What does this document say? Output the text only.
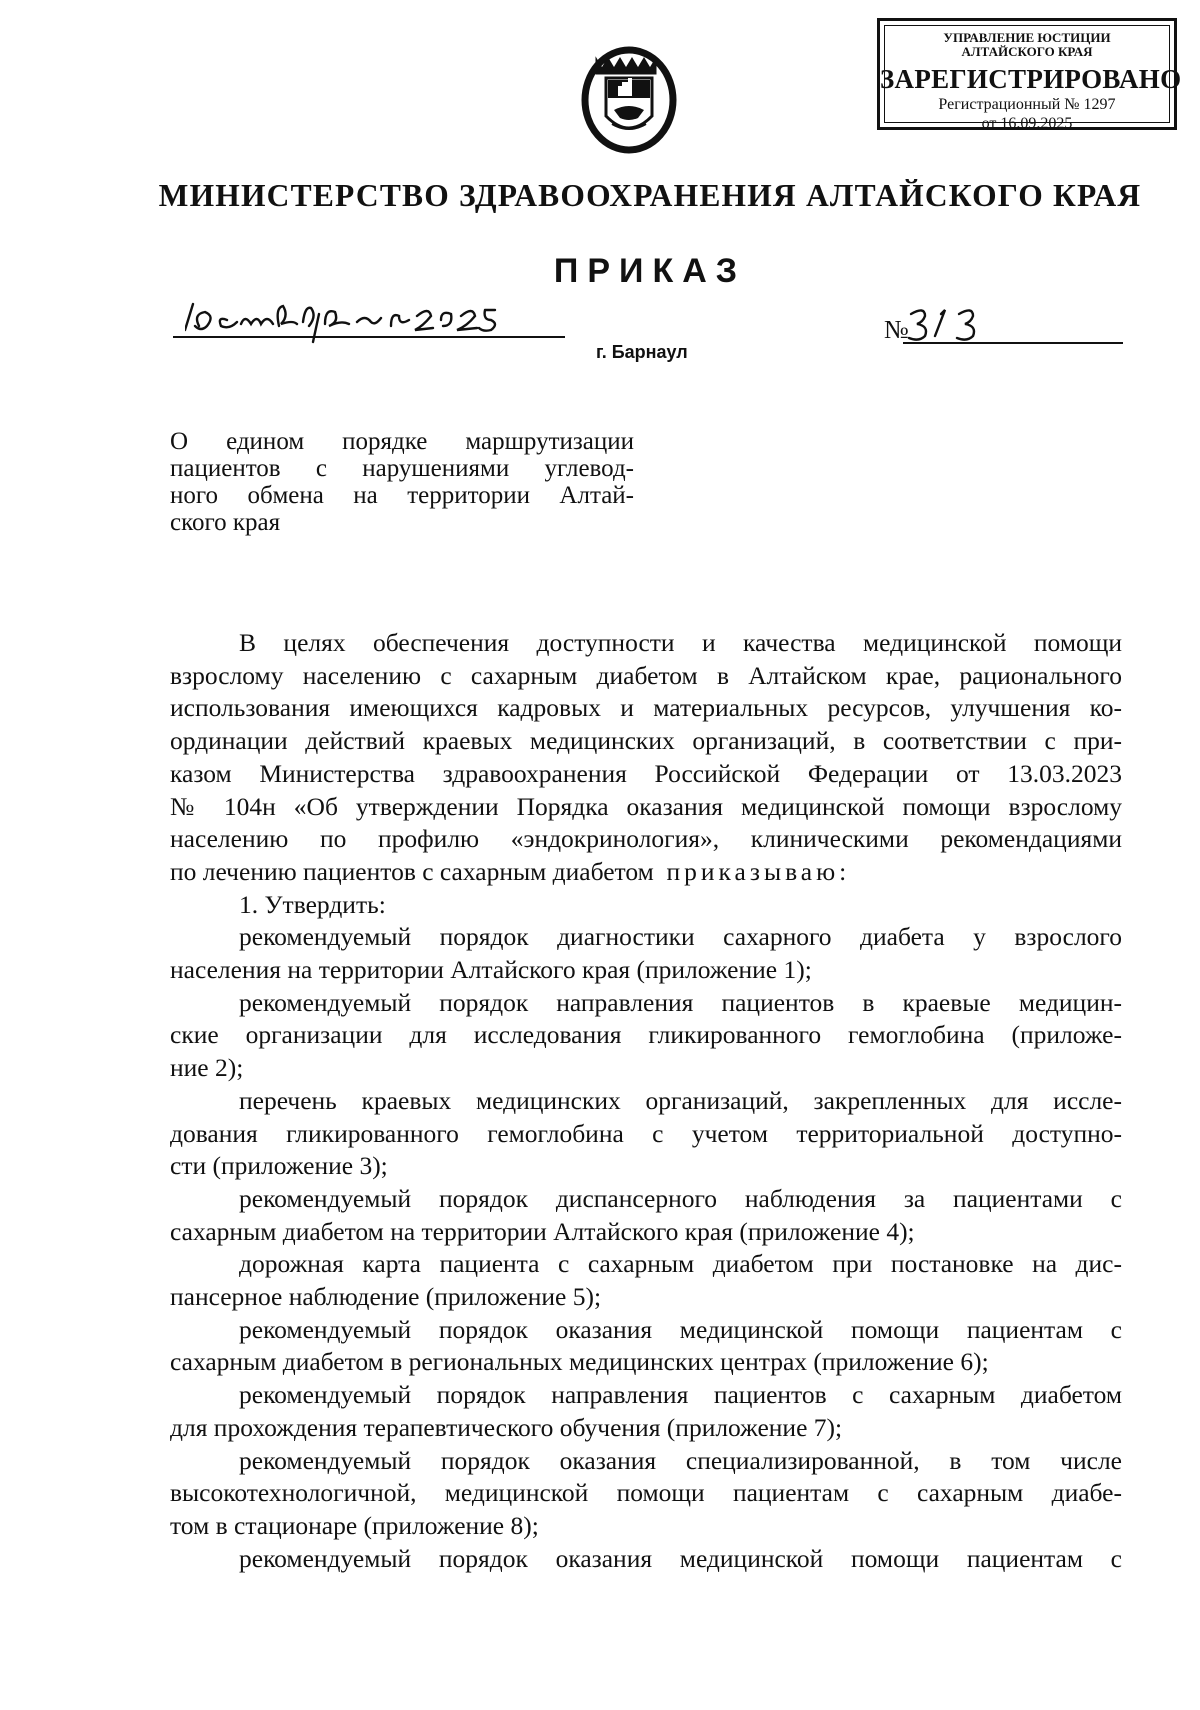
УПРАВЛЕНИЕ ЮСТИЦИИ АЛТАЙСКОГО КРАЯ
ЗАРЕГИСТРИРОВАНО
Регистрационный № 1297
от 16.09.2025
МИНИСТЕРСТВО ЗДРАВООХРАНЕНИЯ АЛТАЙСКОГО КРАЯ
ПРИКАЗ
г. Барнаул
№
О едином порядке маршрутизации
пациентов с нарушениями углевод-
ного обмена на территории Алтай-
ского края
В целях обеспечения доступности и качества медицинской помощи
взрослому населению с сахарным диабетом в Алтайском крае, рационального
использования имеющихся кадровых и материальных ресурсов, улучшения ко-
ординации действий краевых медицинских организаций, в соответствии с при-
казом Министерства здравоохранения Российской Федерации от 13.03.2023
№ 104н «Об утверждении Порядка оказания медицинской помощи взрослому
населению по профилю «эндокринология», клиническими рекомендациями
по лечению пациентов с сахарным диабетом приказываю:
1. Утвердить:
рекомендуемый порядок диагностики сахарного диабета у взрослого
населения на территории Алтайского края (приложение 1);
рекомендуемый порядок направления пациентов в краевые медицин-
ские организации для исследования гликированного гемоглобина (приложе-
ние 2);
перечень краевых медицинских организаций, закрепленных для иссле-
дования гликированного гемоглобина с учетом территориальной доступно-
сти (приложение 3);
рекомендуемый порядок диспансерного наблюдения за пациентами с
сахарным диабетом на территории Алтайского края (приложение 4);
дорожная карта пациента с сахарным диабетом при постановке на дис-
пансерное наблюдение (приложение 5);
рекомендуемый порядок оказания медицинской помощи пациентам с
сахарным диабетом в региональных медицинских центрах (приложение 6);
рекомендуемый порядок направления пациентов с сахарным диабетом
для прохождения терапевтического обучения (приложение 7);
рекомендуемый порядок оказания специализированной, в том числе
высокотехнологичной, медицинской помощи пациентам с сахарным диабе-
том в стационаре (приложение 8);
рекомендуемый порядок оказания медицинской помощи пациентам с
